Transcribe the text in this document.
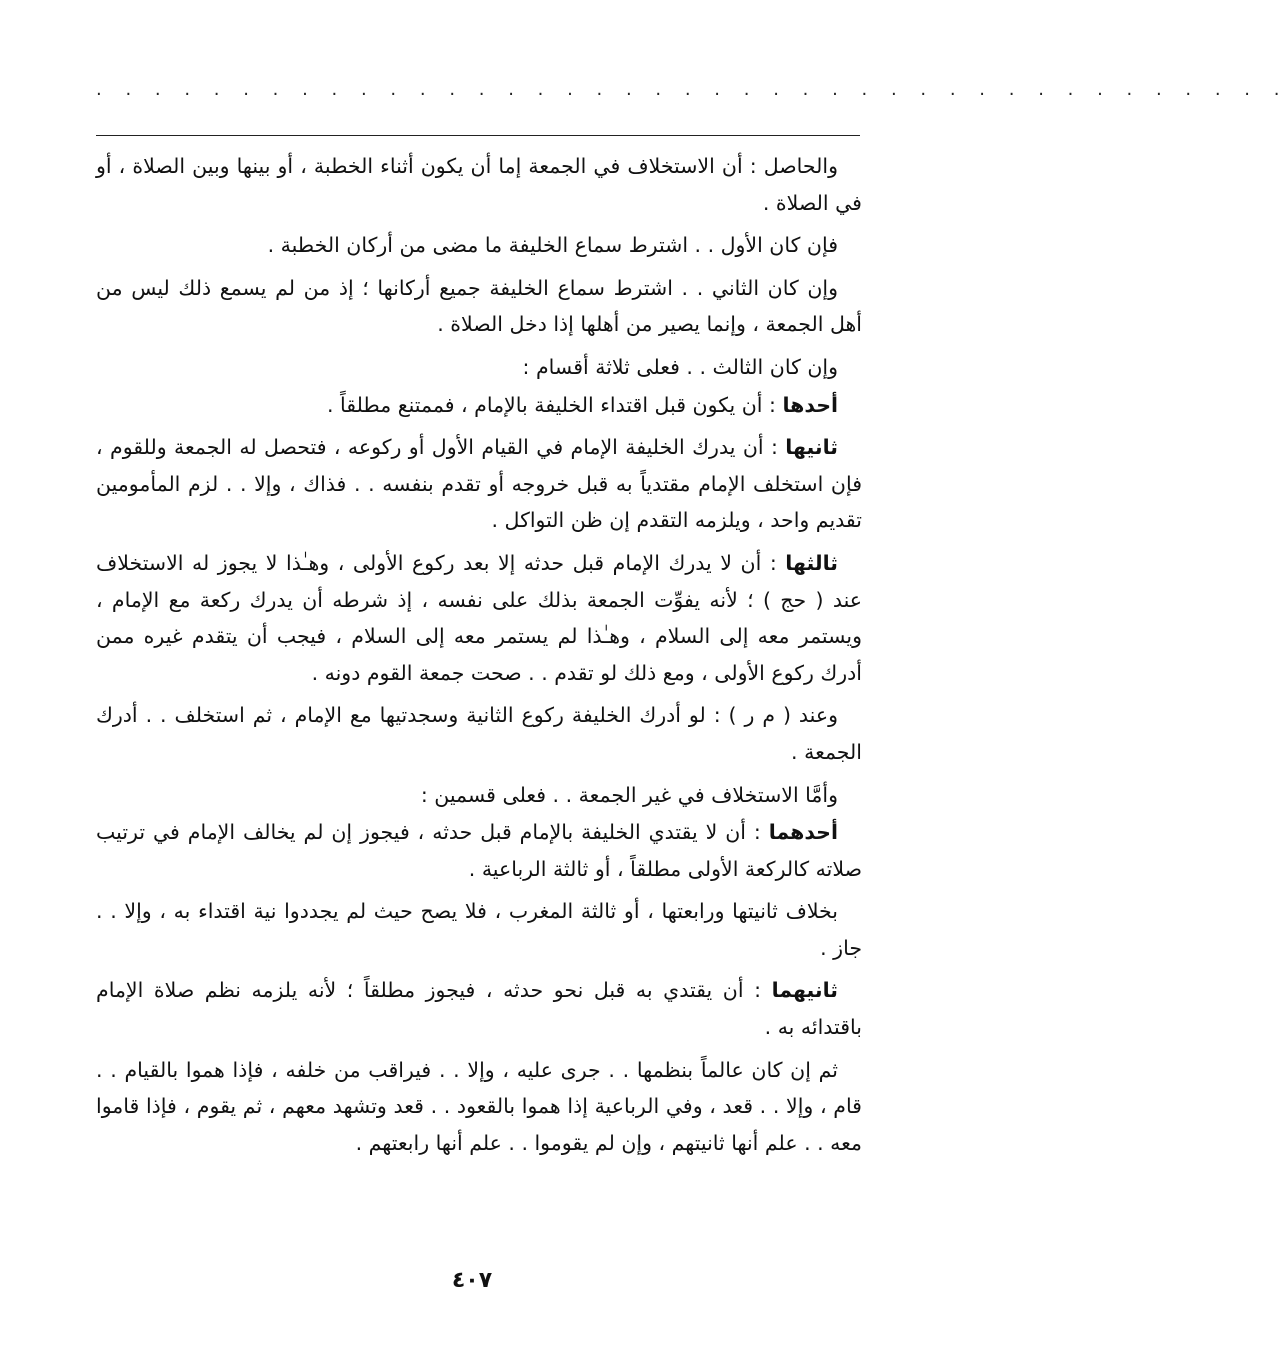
· · · · · · · · · · · · · · · · · · · · · · · · · · · · · · · · · · · · · · · · ·

والحاصل : أن الاستخلاف في الجمعة إما أن يكون أثناء الخطبة ، أو بينها وبين الصلاة ، أو في الصلاة .

فإن كان الأول . . اشترط سماع الخليفة ما مضى من أركان الخطبة .

وإن كان الثاني . . اشترط سماع الخليفة جميع أركانها ؛ إذ من لم يسمع ذلك ليس من أهل الجمعة ، وإنما يصير من أهلها إذا دخل الصلاة .

وإن كان الثالث . . فعلى ثلاثة أقسام :

أحدها : أن يكون قبل اقتداء الخليفة بالإمام ، فممتنع مطلقاً .

ثانيها : أن يدرك الخليفة الإمام في القيام الأول أو ركوعه ، فتحصل له الجمعة وللقوم ، فإن استخلف الإمام مقتدياً به قبل خروجه أو تقدم بنفسه . . فذاك ، وإلا . . لزم المأمومين تقديم واحد ، ويلزمه التقدم إن ظن التواكل .

ثالثها : أن لا يدرك الإمام قبل حدثه إلا بعد ركوع الأولى ، وهـٰذا لا يجوز له الاستخلاف عند ( حج ) ؛ لأنه يفوِّت الجمعة بذلك على نفسه ، إذ شرطه أن يدرك ركعة مع الإمام ، ويستمر معه إلى السلام ، وهـٰذا لم يستمر معه إلى السلام ، فيجب أن يتقدم غيره ممن أدرك ركوع الأولى ، ومع ذلك لو تقدم . . صحت جمعة القوم دونه .

وعند ( م ر ) : لو أدرك الخليفة ركوع الثانية وسجدتيها مع الإمام ، ثم استخلف . . أدرك الجمعة .

وأمَّا الاستخلاف في غير الجمعة . . فعلى قسمين :

أحدهما : أن لا يقتدي الخليفة بالإمام قبل حدثه ، فيجوز إن لم يخالف الإمام في ترتيب صلاته كالركعة الأولى مطلقاً ، أو ثالثة الرباعية .

بخلاف ثانيتها ورابعتها ، أو ثالثة المغرب ، فلا يصح حيث لم يجددوا نية اقتداء به ، وإلا . . جاز .

ثانيهما : أن يقتدي به قبل نحو حدثه ، فيجوز مطلقاً ؛ لأنه يلزمه نظم صلاة الإمام باقتدائه به .

ثم إن كان عالماً بنظمها . . جرى عليه ، وإلا . . فيراقب من خلفه ، فإذا هموا بالقيام . . قام ، وإلا . . قعد ، وفي الرباعية إذا هموا بالقعود . . قعد وتشهد معهم ، ثم يقوم ، فإذا قاموا معه . . علم أنها ثانيتهم ، وإن لم يقوموا . . علم أنها رابعتهم .

٤٠٧
